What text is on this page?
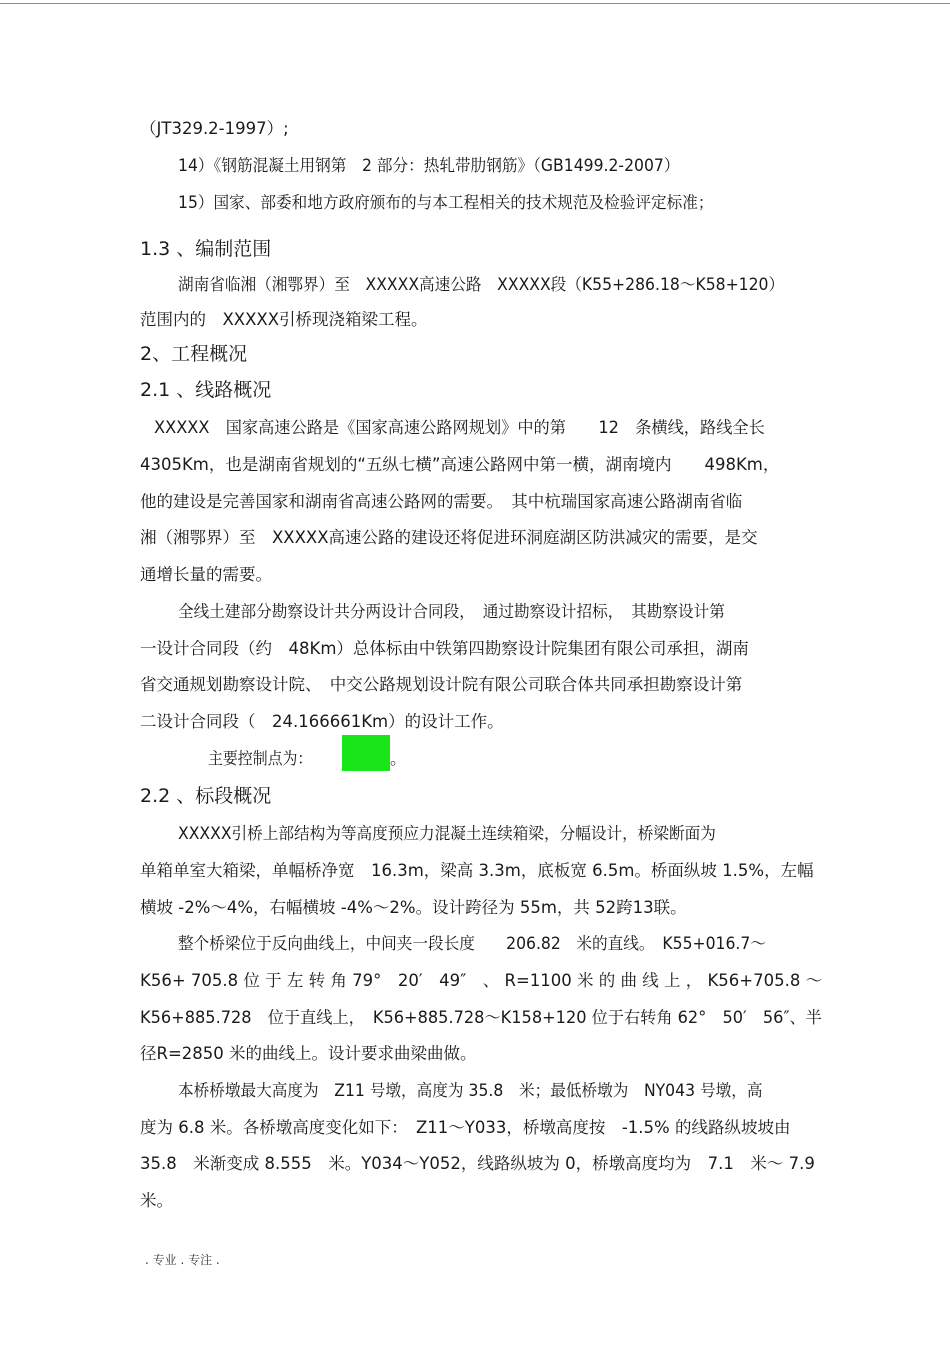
（JT329.2-1997）;
14）《钢筋混凝土用钢第　2 部分：热轧带肋钢筋》（GB1499.2-2007）
15）国家、部委和地方政府颁布的与本工程相关的技术规范及检验评定标准；
1.3 、编制范围
湖南省临湘（湘鄂界）至　XXXXX高速公路　XXXXX段（K55+286.18～K58+120）
范围内的　XXXXX引桥现浇箱梁工程。
2、工程概况
2.1 、线路概况
XXXXX　国家高速公路是《国家高速公路网规划》中的第　　12　条横线，路线全长
4305Km，也是湖南省规划的“五纵七横”高速公路网中第一横，湖南境内　　498Km，
他的建设是完善国家和湖南省高速公路网的需要。　其中杭瑞国家高速公路湖南省临
湘（湘鄂界）至　XXXXX高速公路的建设还将促进环洞庭湖区防洪减灾的需要，是交
通增长量的需要。
全线土建部分勘察设计共分两设计合同段，　通过勘察设计招标，　其勘察设计第
一设计合同段（约　48Km）总体标由中铁第四勘察设计院集团有限公司承担，湖南
省交通规划勘察设计院、　中交公路规划设计院有限公司联合体共同承担勘察设计第
二设计合同段（　24.166661Km）的设计工作。
主要控制点为：	。
2.2 、标段概况
XXXXX引桥上部结构为等高度预应力混凝土连续箱梁，分幅设计，桥梁断面为
单箱单室大箱梁，单幅桥净宽　16.3m，梁高 3.3m，底板宽 6.5m。桥面纵坡 1.5%，左幅
横坡 -2%～4%，右幅横坡 -4%～2%。设计跨径为 55m，共 52跨13联。
整个桥梁位于反向曲线上，中间夹一段长度　　206.82　米的直线。　K55+016.7～
K56+ 705.8 位 于 左 转 角 79°　20′　49″　、 R=1100 米 的 曲 线 上 ， K56+705.8 ～
K56+885.728　位于直线上，　K56+885.728～K158+120 位于右转角 62°　50′　56″、半
径R=2850 米的曲线上。设计要求曲梁曲做。
本桥桥墩最大高度为　Z11 号墩，高度为 35.8　米；最低桥墩为　NY043 号墩，高
度为 6.8 米。各桥墩高度变化如下：　Z11～Y033，桥墩高度按　-1.5% 的线路纵坡坡由
35.8　米渐变成 8.555　米。Y034～Y052，线路纵坡为 0，桥墩高度均为　7.1　米～ 7.9
米。
. 专业 . 专注 .
